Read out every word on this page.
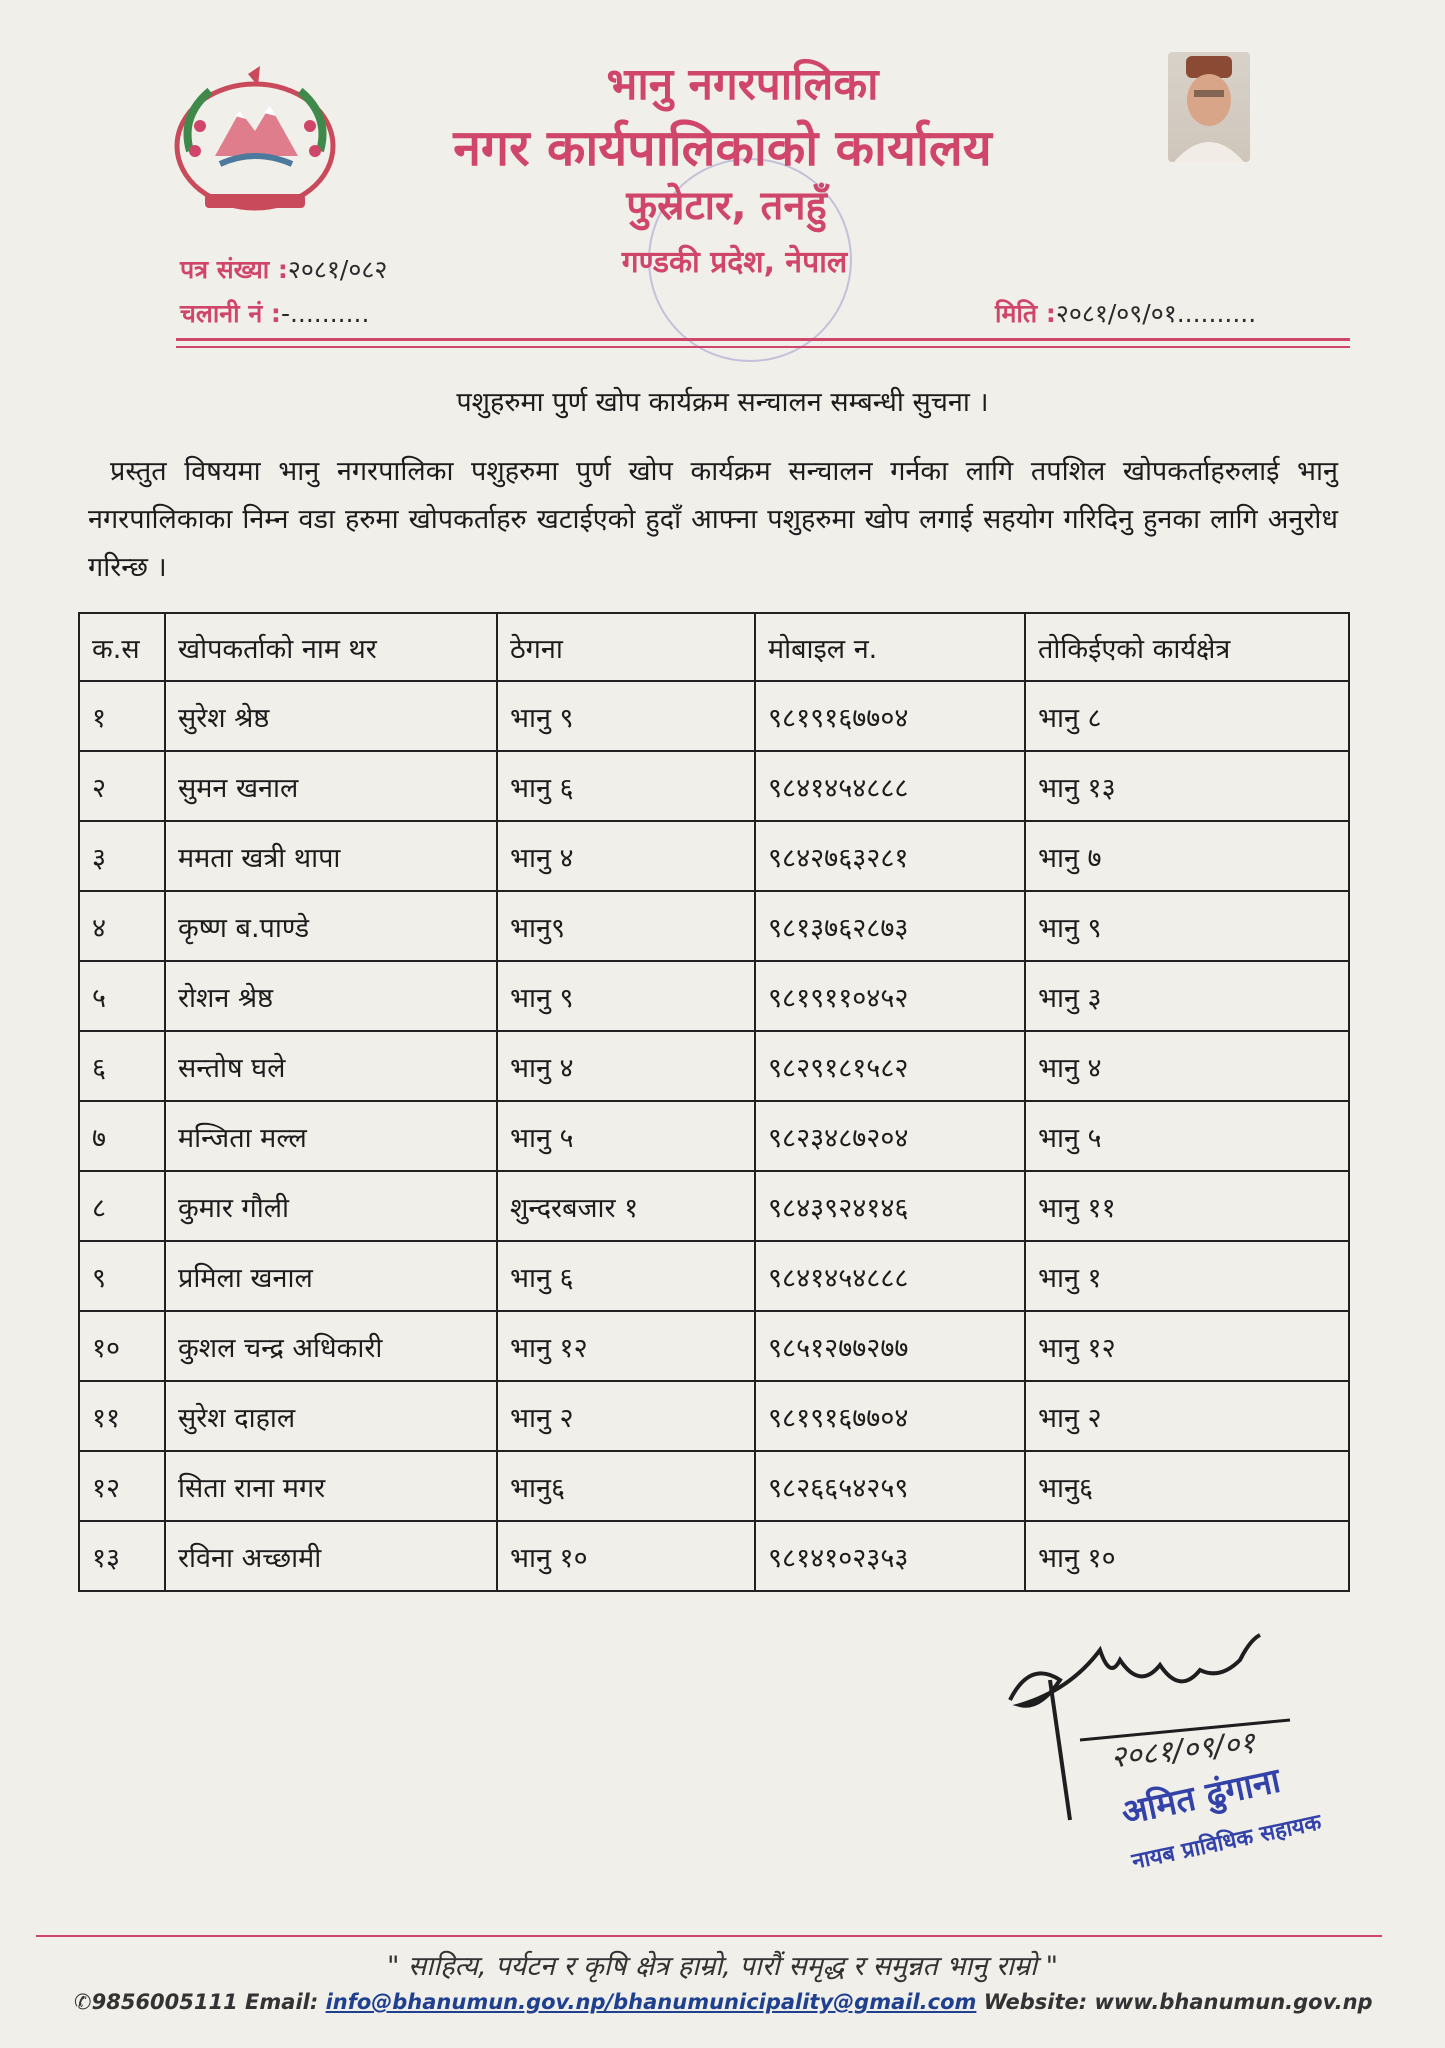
भानु नगरपालिका
नगर कार्यपालिकाको कार्यालय
फुस्रेटार, तनहुँ
गण्डकी प्रदेश, नेपाल
पत्र संख्या :२०८१/०८२
चलानी नं :-..........	मिति :२०८१/०९/०१..........
पशुहरुमा पुर्ण खोप कार्यक्रम सन्चालन सम्बन्धी सुचना ।
प्रस्तुत विषयमा भानु नगरपालिका पशुहरुमा पुर्ण खोप कार्यक्रम सन्चालन गर्नका लागि तपशिल खोपकर्ताहरुलाई भानु नगरपालिकाका निम्न वडा हरुमा खोपकर्ताहरु खटाईएको हुदाँ आफ्ना पशुहरुमा खोप लगाई सहयोग गरिदिनु हुनका लागि अनुरोध गरिन्छ ।
क.स	खोपकर्ताको नाम थर	ठेगना	मोबाइल न.	तोकिईएको कार्यक्षेत्र
१	सुरेश श्रेष्ठ	भानु ९	९८१९१६७७०४	भानु ८
२	सुमन खनाल	भानु ६	९८४१४५४८८८	भानु १३
३	ममता खत्री थापा	भानु ४	९८४२७६३२८१	भानु ७
४	कृष्ण ब.पाण्डे	भानु९	९८१३७६२८७३	भानु ९
५	रोशन श्रेष्ठ	भानु ९	९८१९११०४५२	भानु ३
६	सन्तोष घले	भानु ४	९८२९१८१५८२	भानु ४
७	मन्जिता मल्ल	भानु ५	९८२३४८७२०४	भानु ५
८	कुमार गौली	शुन्दरबजार १	९८४३९२४१४६	भानु ११
९	प्रमिला खनाल	भानु ६	९८४१४५४८८८	भानु १
१०	कुशल चन्द्र अधिकारी	भानु १२	९८५१२७७२७७	भानु १२
११	सुरेश दाहाल	भानु २	९८१९१६७७०४	भानु २
१२	सिता राना मगर	भानु६	९८२६६५४२५९	भानु६
१३	रविना अच्छामी	भानु १०	९८१४१०२३५३	भानु १०
२०८१/०९/०१
अमित ढुंगाना
नायब प्राविधिक सहायक
" साहित्य, पर्यटन र कृषि क्षेत्र हाम्रो, पारौं समृद्ध र समुन्नत भानु राम्रो "
✆9856005111 Email: info@bhanumun.gov.np/bhanumunicipality@gmail.com Website: www.bhanumun.gov.np
